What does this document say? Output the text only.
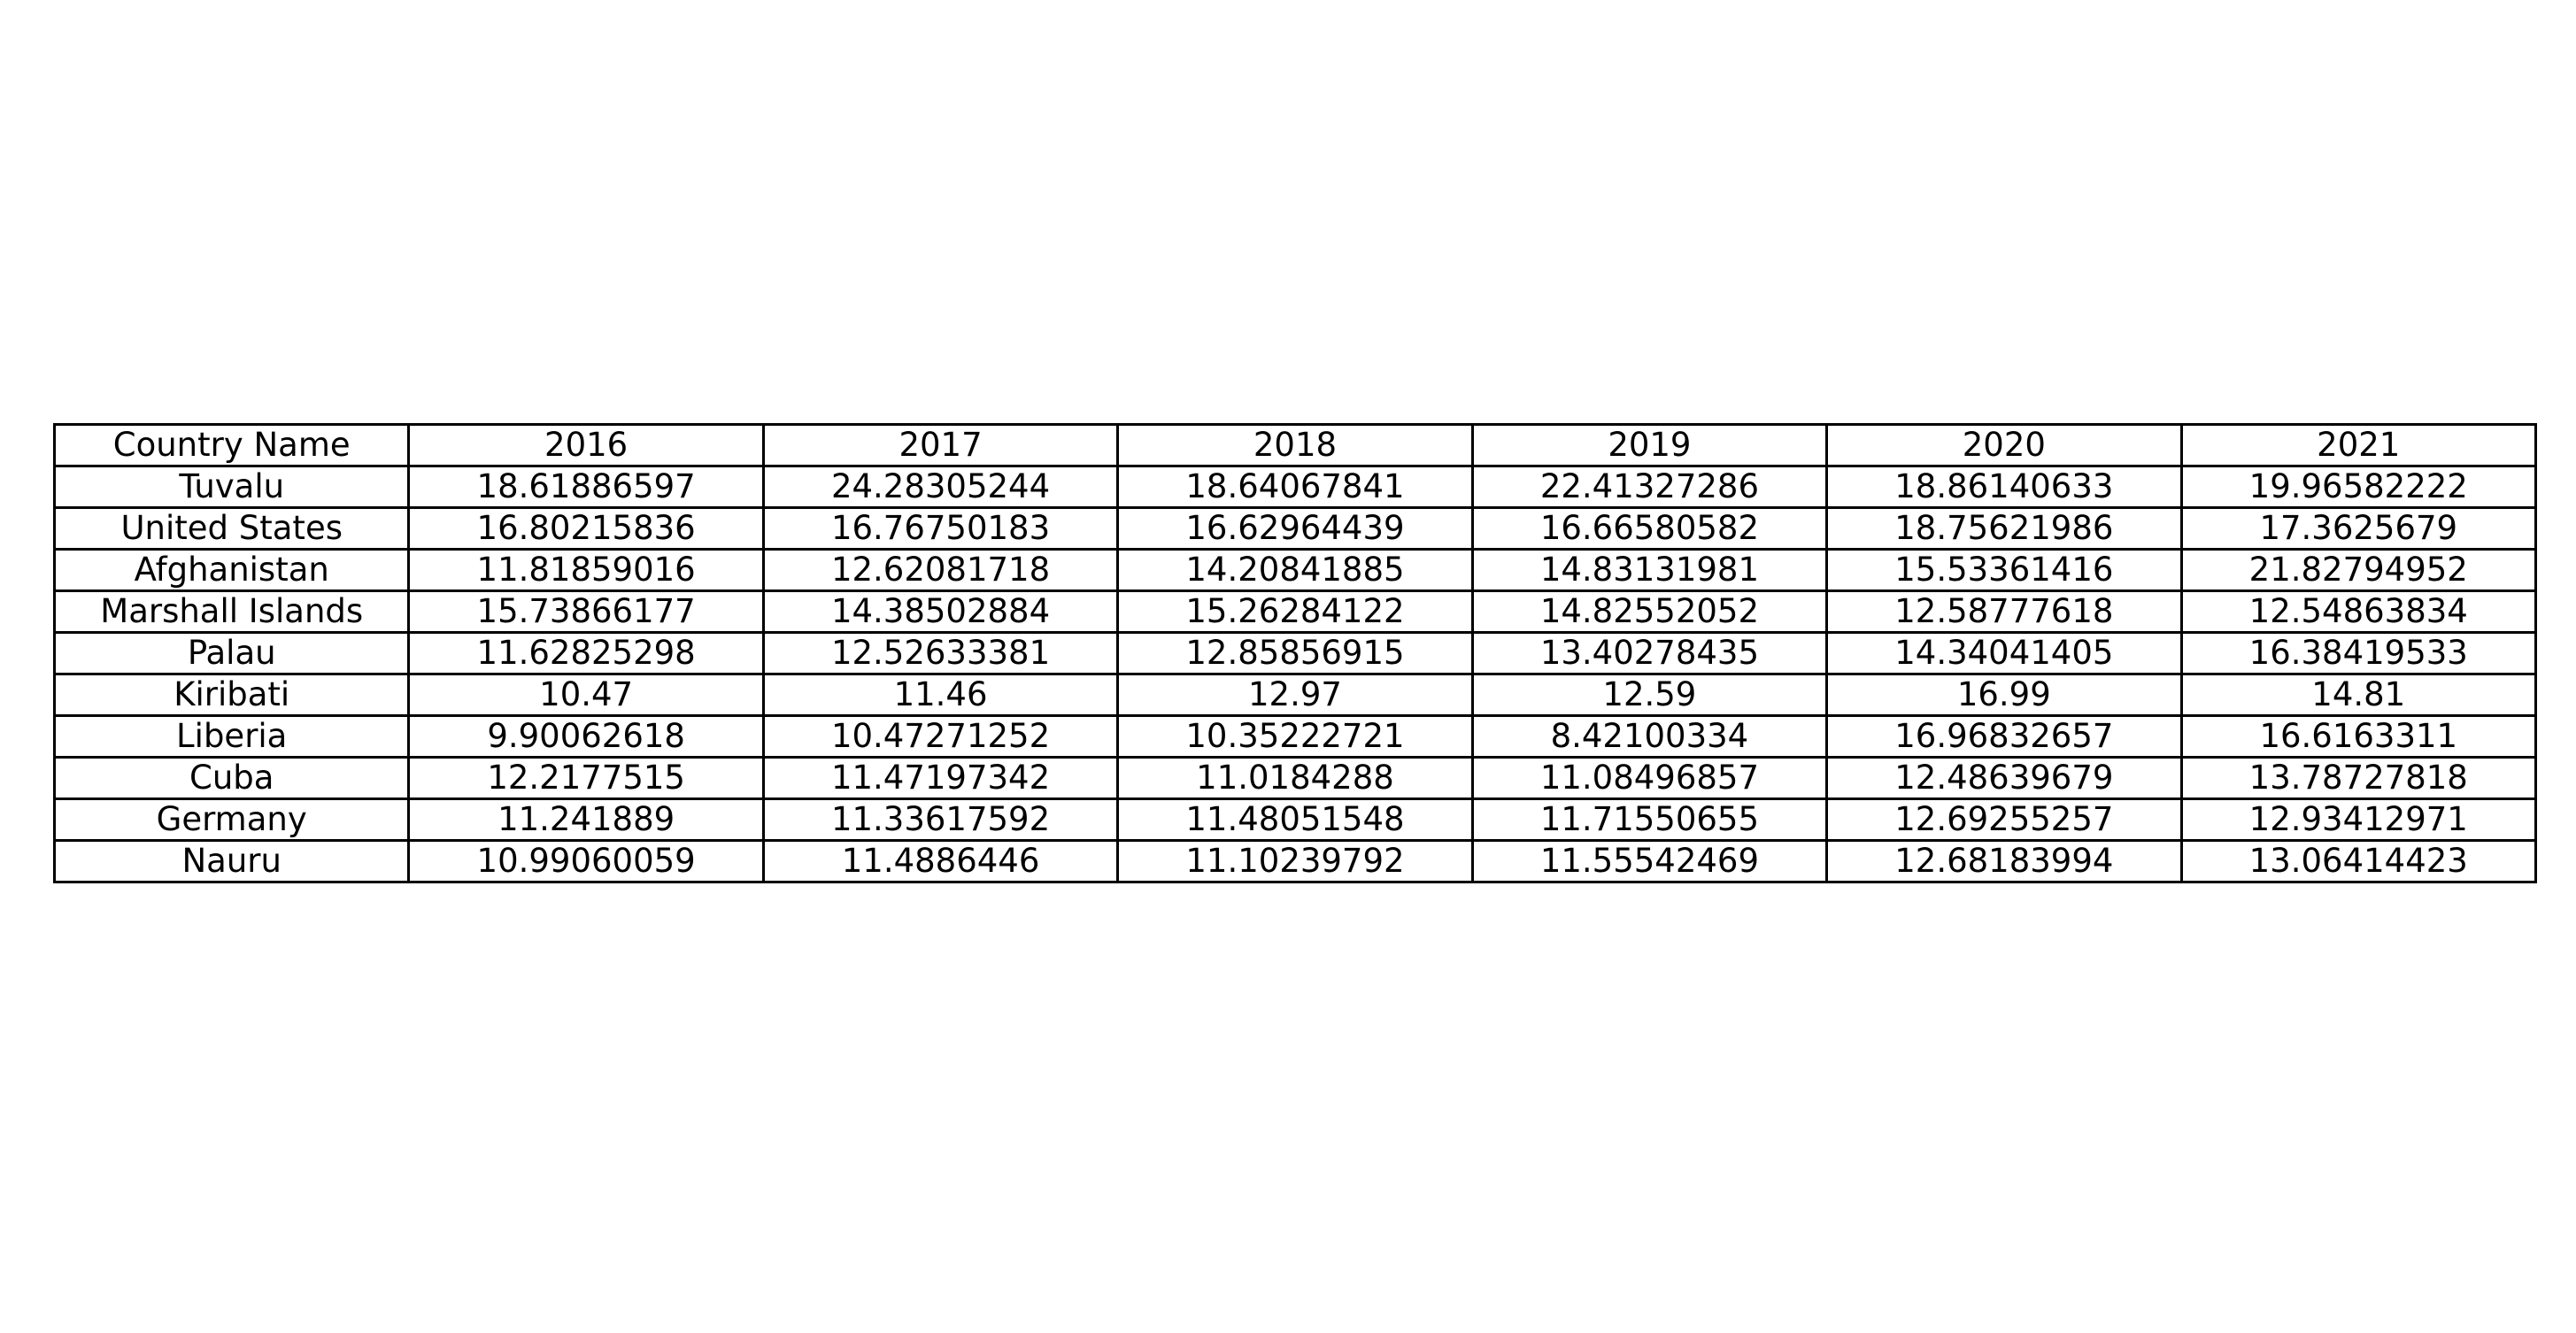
Country Name	2016	2017	2018	2019	2020	2021
Tuvalu	18.61886597	24.28305244	18.64067841	22.41327286	18.86140633	19.96582222
United States	16.80215836	16.76750183	16.62964439	16.66580582	18.75621986	17.3625679
Afghanistan	11.81859016	12.62081718	14.20841885	14.83131981	15.53361416	21.82794952
Marshall Islands	15.73866177	14.38502884	15.26284122	14.82552052	12.58777618	12.54863834
Palau	11.62825298	12.52633381	12.85856915	13.40278435	14.34041405	16.38419533
Kiribati	10.47	11.46	12.97	12.59	16.99	14.81
Liberia	9.90062618	10.47271252	10.35222721	8.42100334	16.96832657	16.6163311
Cuba	12.2177515	11.47197342	11.0184288	11.08496857	12.48639679	13.78727818
Germany	11.241889	11.33617592	11.48051548	11.71550655	12.69255257	12.93412971
Nauru	10.99060059	11.4886446	11.10239792	11.55542469	12.68183994	13.06414423
